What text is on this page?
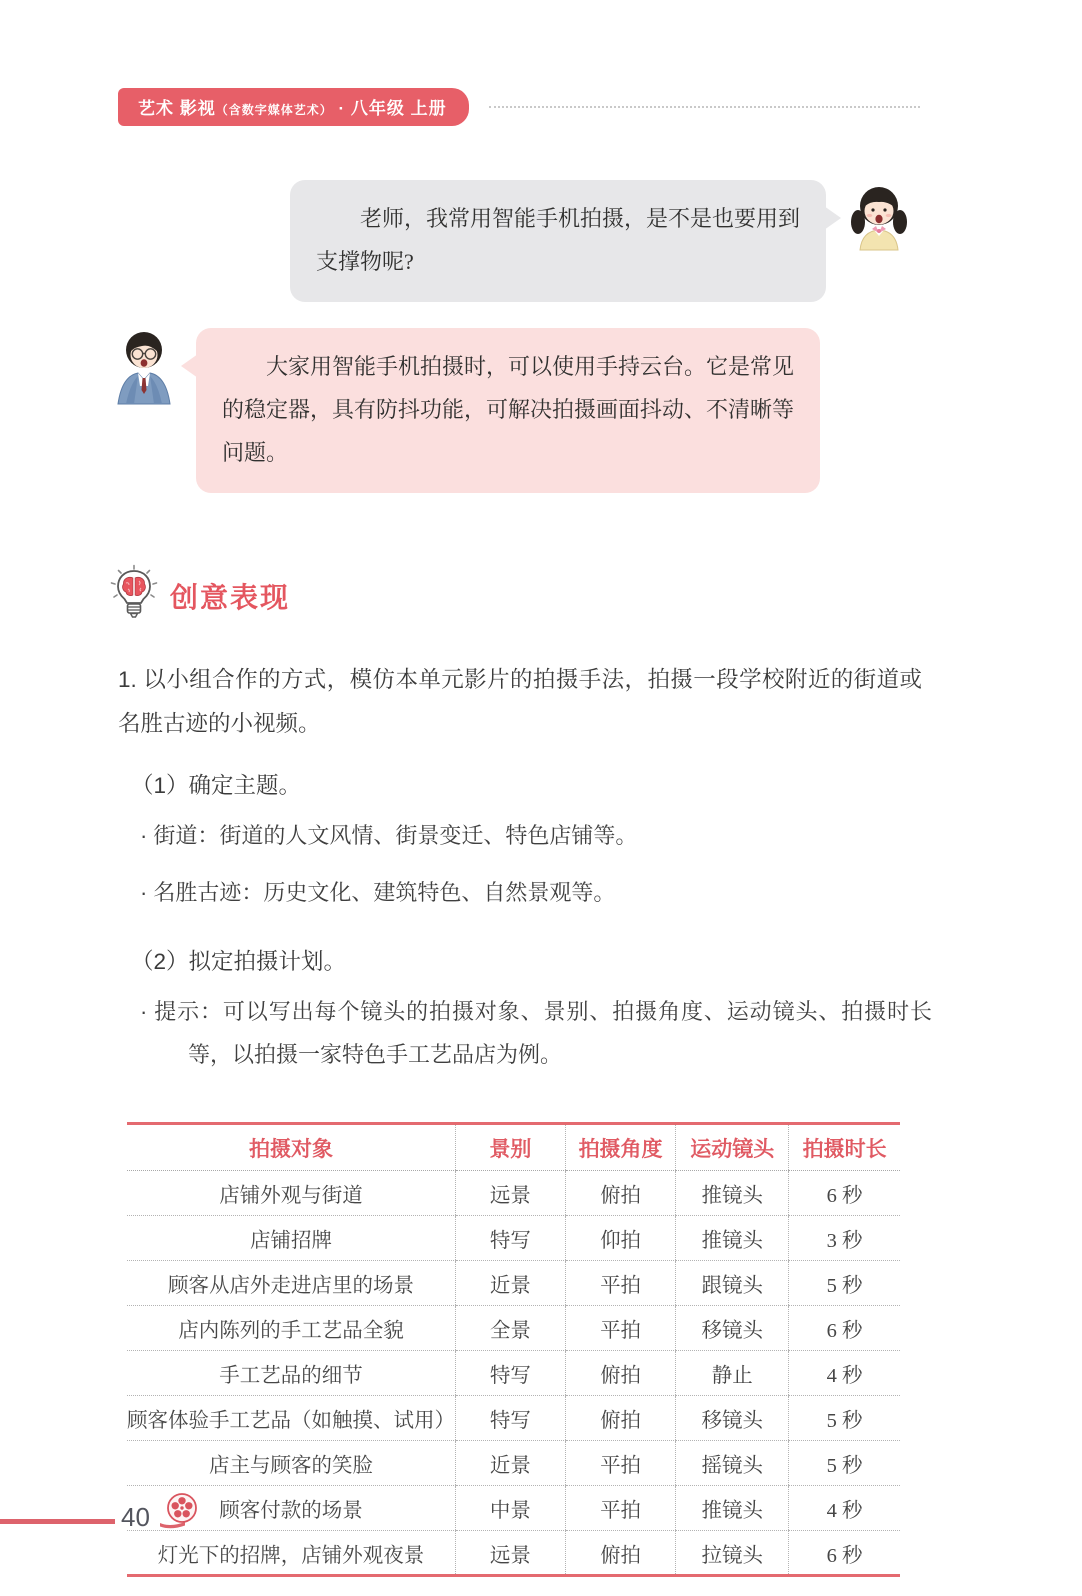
艺术 影视（含数字媒体艺术） · 八年级 上册
老师，我常用智能手机拍摄，是不是也要用到支撑物呢?
大家用智能手机拍摄时，可以使用手持云台。它是常见的稳定器，具有防抖功能，可解决拍摄画面抖动、不清晰等问题。
创意表现
1. 以小组合作的方式，模仿本单元影片的拍摄手法，拍摄一段学校附近的街道或名胜古迹的小视频。
（1）确定主题。
· 街道：街道的人文风情、街景变迁、特色店铺等。
· 名胜古迹：历史文化、建筑特色、自然景观等。
（2）拟定拍摄计划。
· 提示：可以写出每个镜头的拍摄对象、景别、拍摄角度、运动镜头、拍摄时长等，以拍摄一家特色手工艺品店为例。
拍摄对象	景别	拍摄角度	运动镜头	拍摄时长
店铺外观与街道	远景	俯拍	推镜头	6 秒
店铺招牌	特写	仰拍	推镜头	3 秒
顾客从店外走进店里的场景	近景	平拍	跟镜头	5 秒
店内陈列的手工艺品全貌	全景	平拍	移镜头	6 秒
手工艺品的细节	特写	俯拍	静止	4 秒
顾客体验手工艺品（如触摸、试用）	特写	俯拍	移镜头	5 秒
店主与顾客的笑脸	近景	平拍	摇镜头	5 秒
顾客付款的场景	中景	平拍	推镜头	4 秒
灯光下的招牌，店铺外观夜景	远景	俯拍	拉镜头	6 秒
40
